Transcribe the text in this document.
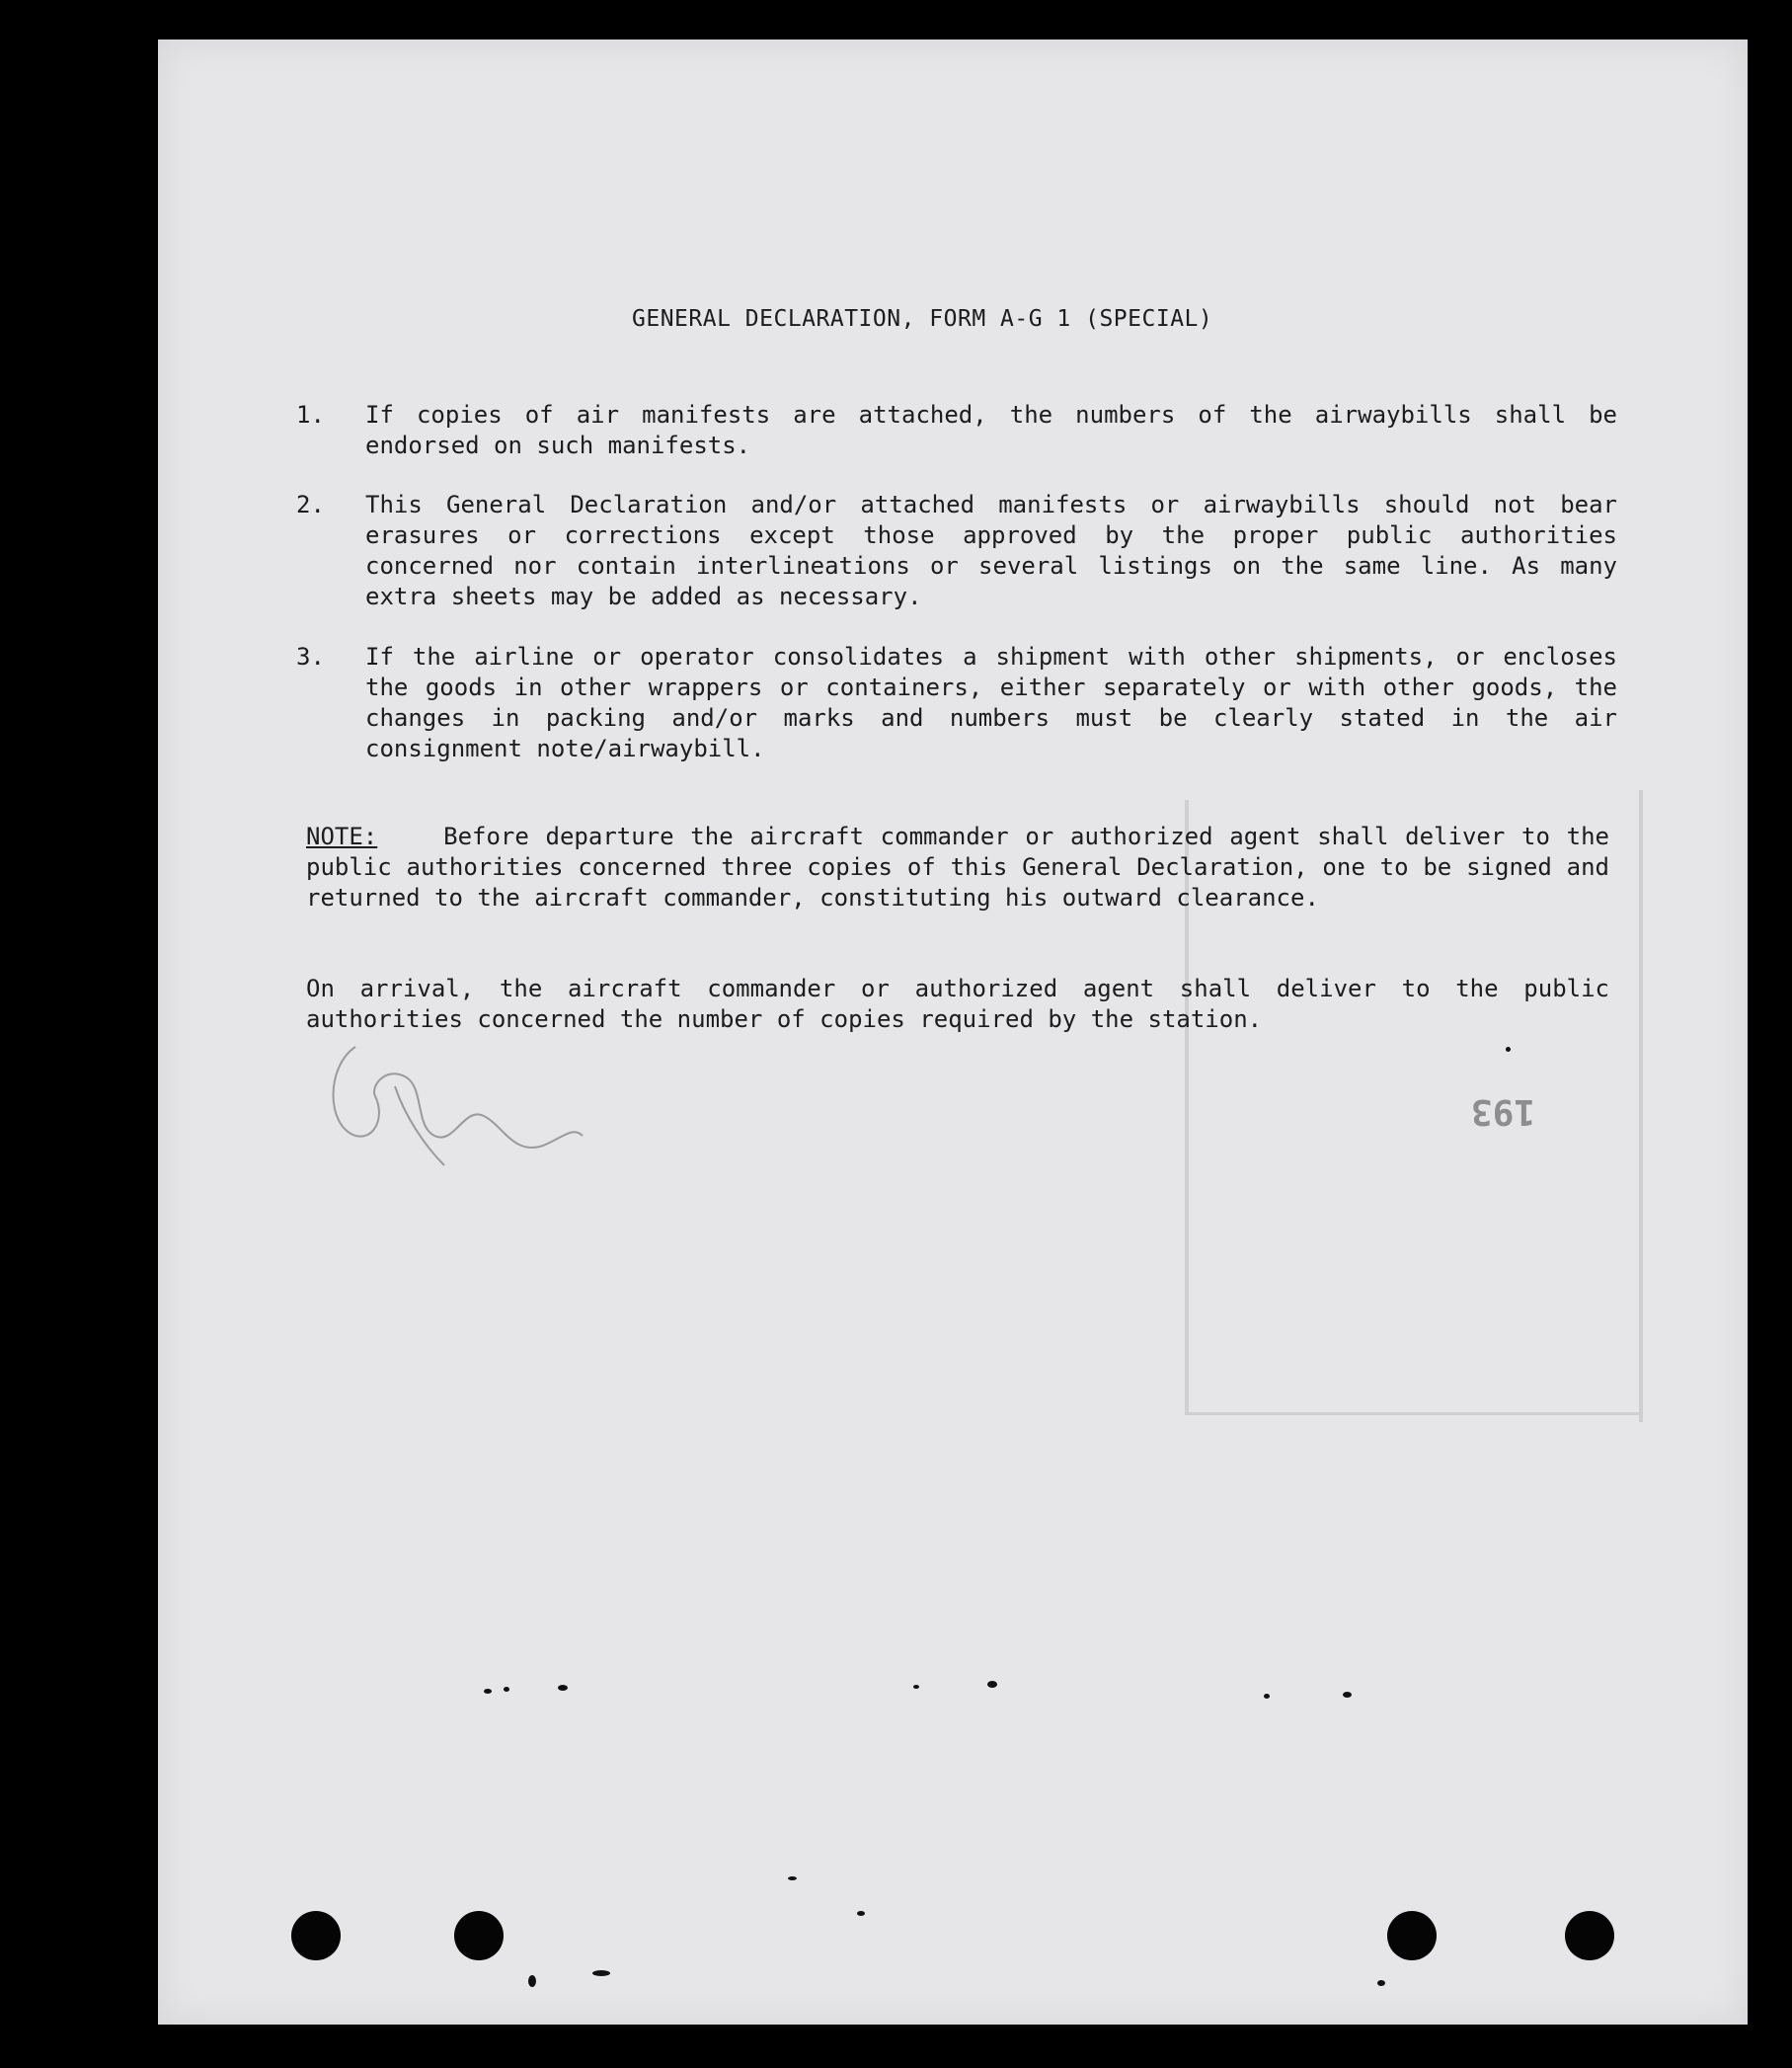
GENERAL DECLARATION, FORM A-G 1 (SPECIAL)
1.	If copies of air manifests are attached, the numbers of the airwaybills shall be endorsed on such manifests.
2.	This General Declaration and/or attached manifests or airwaybills should not bear erasures or corrections except those approved by the proper public authorities concerned nor contain interlineations or several listings on the same line. As many extra sheets may be added as necessary.
3.	If the airline or operator consolidates a shipment with other shipments, or encloses the goods in other wrappers or containers, either separately or with other goods, the changes in packing and/or marks and numbers must be clearly stated in the air consignment note/airwaybill.
NOTE:	Before departure the aircraft commander or authorized agent shall deliver to the public authorities concerned three copies of this General Declaration, one to be signed and returned to the aircraft commander, constituting his outward clearance.
On arrival, the aircraft commander or authorized agent shall deliver to the public authorities concerned the number of copies required by the station.
193
